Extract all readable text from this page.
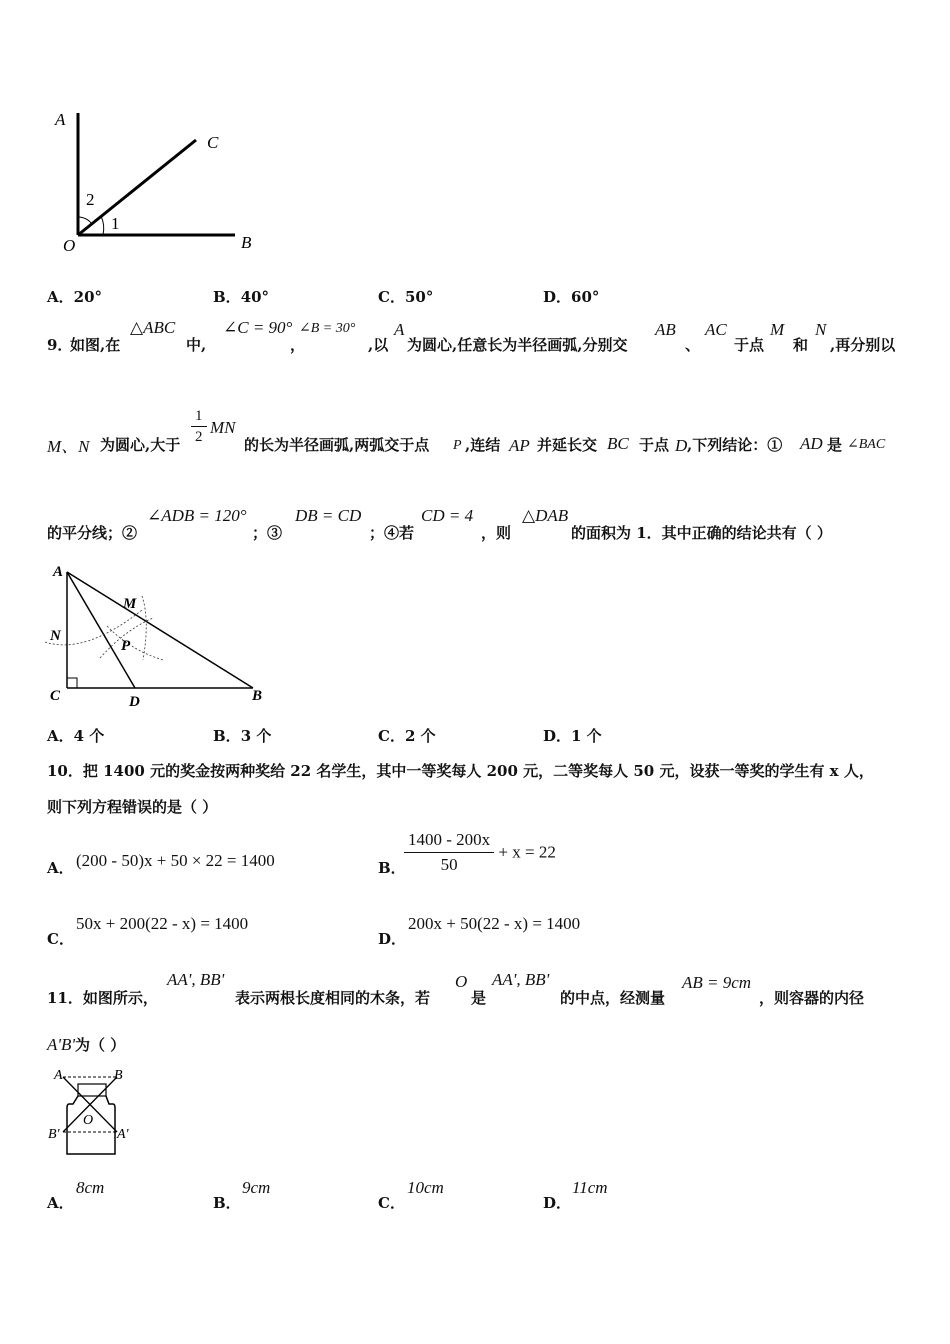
A
C
O	B
2
1
A．20°	B．40°	C．50°	D．60°
9．
如图,在
△ABC
中,
∠C = 90°
，
∠B = 30°
,以
A
为圆心,任意长为半径画弧,分别交
AB
、
AC
于点
M
和
N
,再分别以
M、N 为圆心,大于 $\frac{1}{2}$ MN
的长为半径画弧,两弧交于点 P ,连结 AP 并延长交 BC 于点 D ,下列结论：① AD 是 ∠BAC
的平分线；②
∠ADB = 120°
；③
DB = CD
；④若
CD = 4
，则
△DAB
的面积为 1．其中正确的结论共有（ ）
A
M
N
P
C	D	B
A．4 个	B．3 个	C．2 个	D．1 个
10．把 1400 元的奖金按两种奖给 22 名学生，其中一等奖每人 200 元，二等奖每人 50 元，设获一等奖的学生有 x 人，
则下列方程错误的是（ ）
A． (200 - 50)x + 50 × 22 = 1400	B．
$\frac{1400 - 200x}{50} + x = 22$
C．
50x + 200(22 - x) = 1400
D．
200x + 50(22 - x) = 1400
11．如图所示，
AA', BB'
表示两根长度相同的木条，若
O
是
AA', BB'
的中点，经测量
AB = 9cm
，则容器的内径
A'B'为（ ）
A	B
O
B'	A'
A．
8cm
B．
9cm
C．
10cm
D．
11cm
